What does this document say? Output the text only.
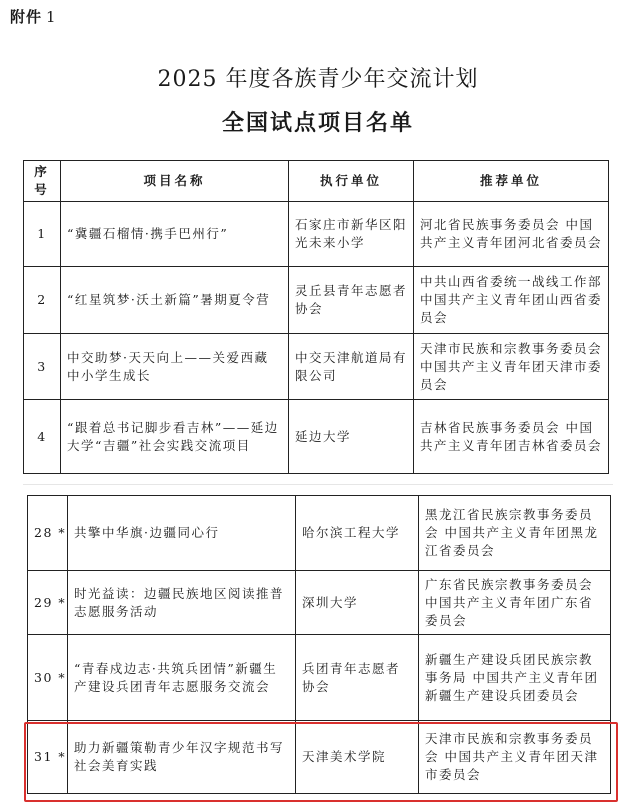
附件 1
2025 年度各族青少年交流计划
全国试点项目名单
序号	项目名称	执行单位	推荐单位
1	“冀疆石榴情·携手巴州行”	石家庄市新华区阳光未来小学	河北省民族事务委员会 中国共产主义青年团河北省委员会
2	“红星筑梦·沃土新篇”暑期夏令营	灵丘县青年志愿者协会	中共山西省委统一战线工作部 中国共产主义青年团山西省委员会
3	中交助梦·天天向上——关爱西藏中小学生成长	中交天津航道局有限公司	天津市民族和宗教事务委员会 中国共产主义青年团天津市委员会
4	“跟着总书记脚步看吉林”——延边大学“吉疆”社会实践交流项目	延边大学	吉林省民族事务委员会 中国共产主义青年团吉林省委员会
28 *	共擎中华旗·边疆同心行	哈尔滨工程大学	黑龙江省民族宗教事务委员会 中国共产主义青年团黑龙江省委员会
29 *	时光益读：边疆民族地区阅读推普志愿服务活动	深圳大学	广东省民族宗教事务委员会 中国共产主义青年团广东省委员会
30 *	“青春戍边志·共筑兵团情”新疆生产建设兵团青年志愿服务交流会	兵团青年志愿者协会	新疆生产建设兵团民族宗教事务局 中国共产主义青年团新疆生产建设兵团委员会
31 *	助力新疆策勒青少年汉字规范书写社会美育实践	天津美术学院	天津市民族和宗教事务委员会 中国共产主义青年团天津市委员会
